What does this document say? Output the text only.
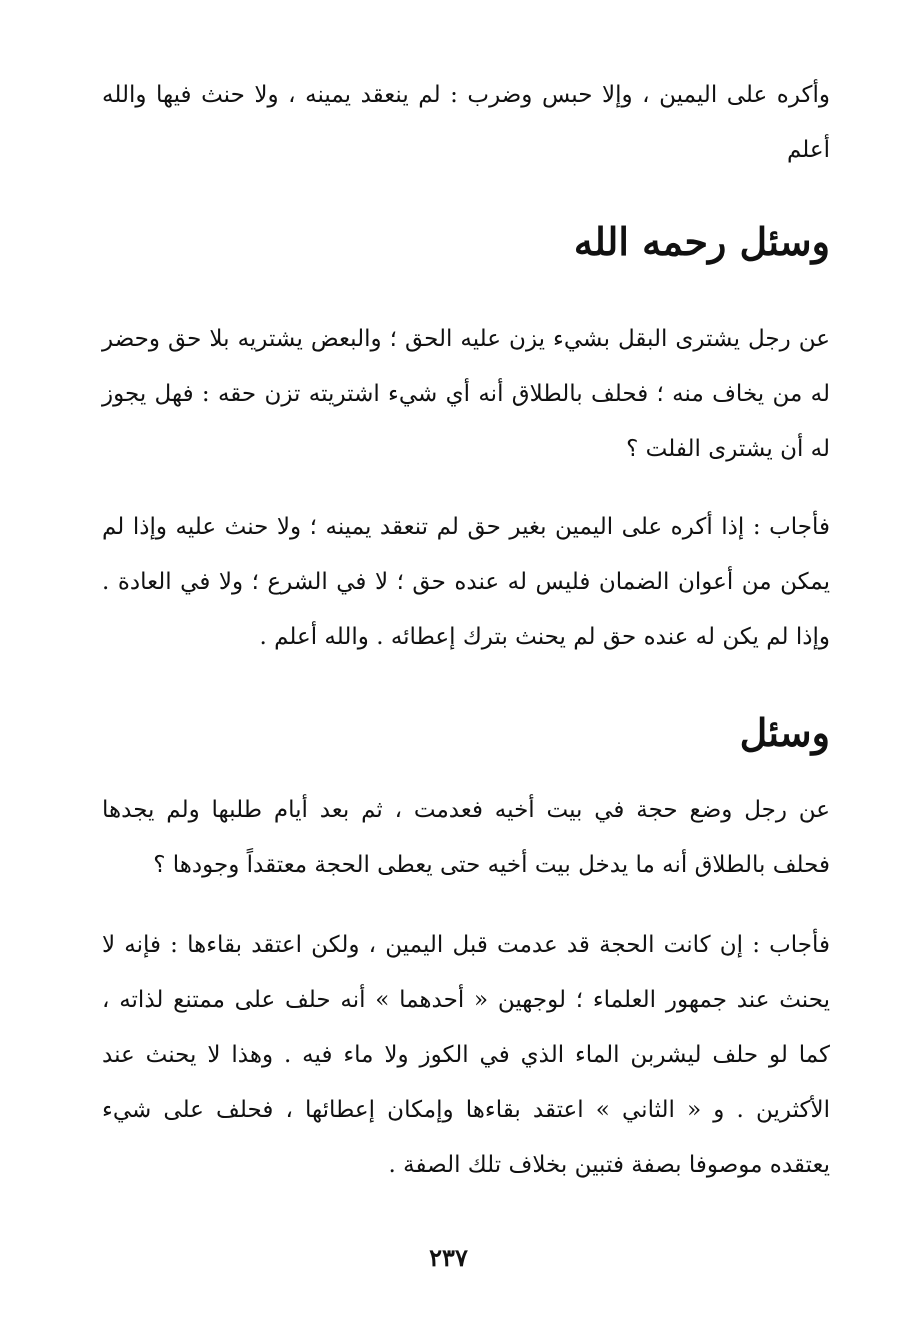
وأكره على اليمين ، وإلا حبس وضرب : لم ينعقد يمينه ، ولا حنث فيها والله أعلم

وسئل رحمه الله

عن رجل يشترى البقل بشيء يزن عليه الحق ؛ والبعض يشتريه بلا حق وحضر له من يخاف منه ؛ فحلف بالطلاق أنه أي شيء اشتريته تزن حقه : فهل يجوز له أن يشترى الفلت ؟

فأجاب : إذا أكره على اليمين بغير حق لم تنعقد يمينه ؛ ولا حنث عليه وإذا لم يمكن من أعوان الضمان فليس له عنده حق ؛ لا في الشرع ؛ ولا في العادة . وإذا لم يكن له عنده حق لم يحنث بترك إعطائه . والله أعلم .

وسئل

عن رجل وضع حجة في بيت أخيه فعدمت ، ثم بعد أيام طلبها ولم يجدها فحلف بالطلاق أنه ما يدخل بيت أخيه حتى يعطى الحجة معتقداً وجودها ؟

فأجاب : إن كانت الحجة قد عدمت قبل اليمين ، ولكن اعتقد بقاءها : فإنه لا يحنث عند جمهور العلماء ؛ لوجهين « أحدهما » أنه حلف على ممتنع لذاته ، كما لو حلف ليشربن الماء الذي في الكوز ولا ماء فيه . وهذا لا يحنث عند الأكثرين . و « الثاني » اعتقد بقاءها وإمكان إعطائها ، فحلف على شيء يعتقده موصوفا بصفة فتبين بخلاف تلك الصفة .

٢٣٧
